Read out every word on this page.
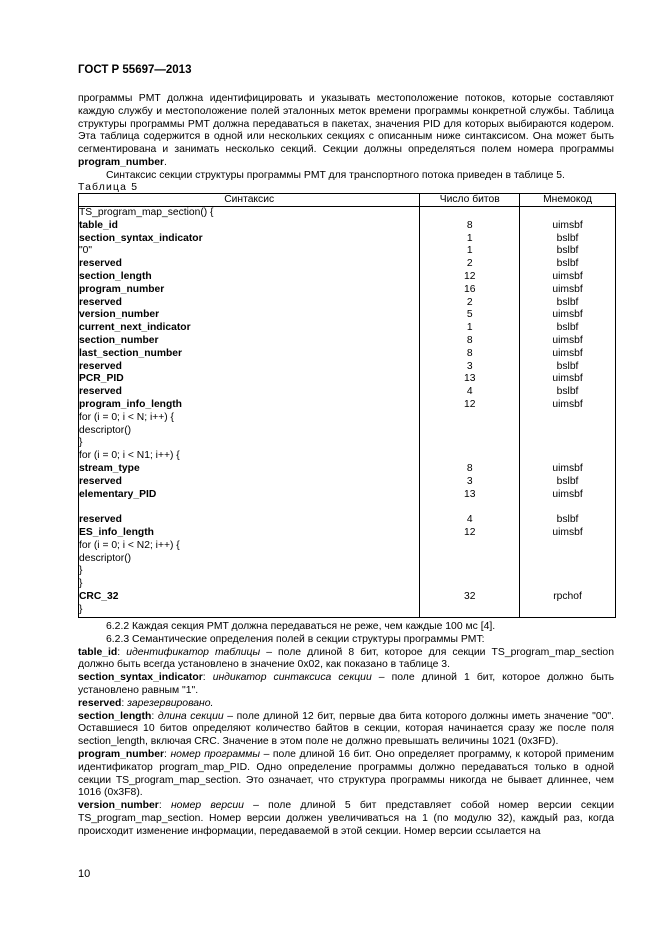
ГОСТ Р 55697—2013

программы PMT должна идентифицировать и указывать местоположение потоков, которые составляют каждую службу и местоположение полей эталонных меток времени программы конкретной службы. Таблица структуры программы PMT должна передаваться в пакетах, значения PID для которых выбираются кодером. Эта таблица содержится в одной или нескольких секциях с описанным ниже синтаксисом. Она может быть сегментирована и занимать несколько секций. Секции должны определяться полем номера программы program_number.

Синтаксис секции структуры программы PMT для транспортного потока приведен в таблице 5.

Таблица 5
Синтаксис	Число битов	Мнемокод
TS_program_map_section() {		
table_id	8	uimsbf
section_syntax_indicator	1	bslbf
"0"	1	bslbf
reserved	2	bslbf
section_length	12	uimsbf
program_number	16	uimsbf
reserved	2	bslbf
version_number	5	uimsbf
current_next_indicator	1	bslbf
section_number	8	uimsbf
last_section_number	8	uimsbf
reserved	3	bslbf
PCR_PID	13	uimsbf
reserved	4	bslbf
program_info_length	12	uimsbf
for (i = 0; i < N; i++) {		
descriptor()		
}		
for (i = 0; i < N1; i++) {		
stream_type	8	uimsbf
reserved	3	bslbf
elementary_PID	13	uimsbf

reserved	4	bslbf
ES_info_length	12	uimsbf
for (i = 0; i < N2; i++) {		
descriptor()		
}		
}		
CRC_32	32	rpchof
}		

6.2.2 Каждая секция PMT должна передаваться не реже, чем каждые 100 мс [4].

6.2.3 Семантические определения полей в секции структуры программы PMT:

table_id: идентификатор таблицы – поле длиной 8 бит, которое для секции TS_program_map_section должно быть всегда установлено в значение 0x02, как показано в таблице 3.

section_syntax_indicator: индикатор синтаксиса секции – поле длиной 1 бит, которое должно быть установлено равным "1".

reserved: зарезервировано.

section_length: длина секции – поле длиной 12 бит, первые два бита которого должны иметь значение "00". Оставшиеся 10 битов определяют количество байтов в секции, которая начинается сразу же после поля section_length, включая CRC. Значение в этом поле не должно превышать величины 1021 (0x3FD).

program_number: номер программы – поле длиной 16 бит. Оно определяет программу, к которой применим идентификатор program_map_PID. Одно определение программы должно передаваться только в одной секции TS_program_map_section. Это означает, что структура программы никогда не бывает длиннее, чем 1016 (0x3F8).

version_number: номер версии – поле длиной 5 бит представляет собой номер версии секции TS_program_map_section. Номер версии должен увеличиваться на 1 (по модулю 32), каждый раз, когда происходит изменение информации, передаваемой в этой секции. Номер версии ссылается на

10
